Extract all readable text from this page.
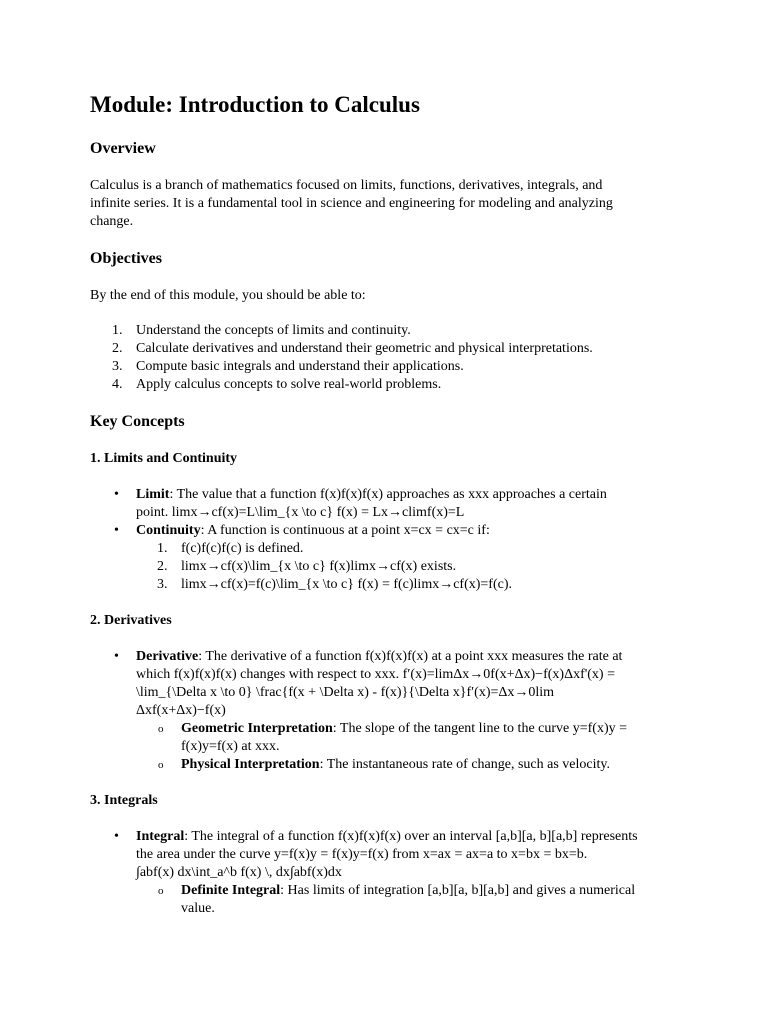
Module: Introduction to Calculus
Overview
Calculus is a branch of mathematics focused on limits, functions, derivatives, integrals, and
infinite series. It is a fundamental tool in science and engineering for modeling and analyzing
change.
Objectives
By the end of this module, you should be able to:
1. Understand the concepts of limits and continuity.
2. Calculate derivatives and understand their geometric and physical interpretations.
3. Compute basic integrals and understand their applications.
4. Apply calculus concepts to solve real-world problems.
Key Concepts
1. Limits and Continuity
• Limit: The value that a function f(x)f(x)f(x) approaches as xxx approaches a certain
point. lim⁡x→cf(x)=L\lim_{x \to c} f(x) = Lx→climf(x)=L
• Continuity: A function is continuous at a point x=cx = cx=c if:
1. f(c)f(c)f(c) is defined.
2. lim⁡x→cf(x)\lim_{x \to c} f(x)limx→cf(x) exists.
3. lim⁡x→cf(x)=f(c)\lim_{x \to c} f(x) = f(c)limx→cf(x)=f(c).
2. Derivatives
• Derivative: The derivative of a function f(x)f(x)f(x) at a point xxx measures the rate at
which f(x)f(x)f(x) changes with respect to xxx. f′(x)=lim⁡Δx→0f(x+Δx)−f(x)Δxf'(x) =
\lim_{\Delta x \to 0} \frac{f(x + \Delta x) - f(x)}{\Delta x}f′(x)=Δx→0lim
Δxf(x+Δx)−f(x)
o Geometric Interpretation: The slope of the tangent line to the curve y=f(x)y =
f(x)y=f(x) at xxx.
o Physical Interpretation: The instantaneous rate of change, such as velocity.
3. Integrals
• Integral: The integral of a function f(x)f(x)f(x) over an interval [a,b][a, b][a,b] represents
the area under the curve y=f(x)y = f(x)y=f(x) from x=ax = ax=a to x=bx = bx=b.
∫abf(x) dx\int_a^b f(x) \, dx∫abf(x)dx
o Definite Integral: Has limits of integration [a,b][a, b][a,b] and gives a numerical
value.
